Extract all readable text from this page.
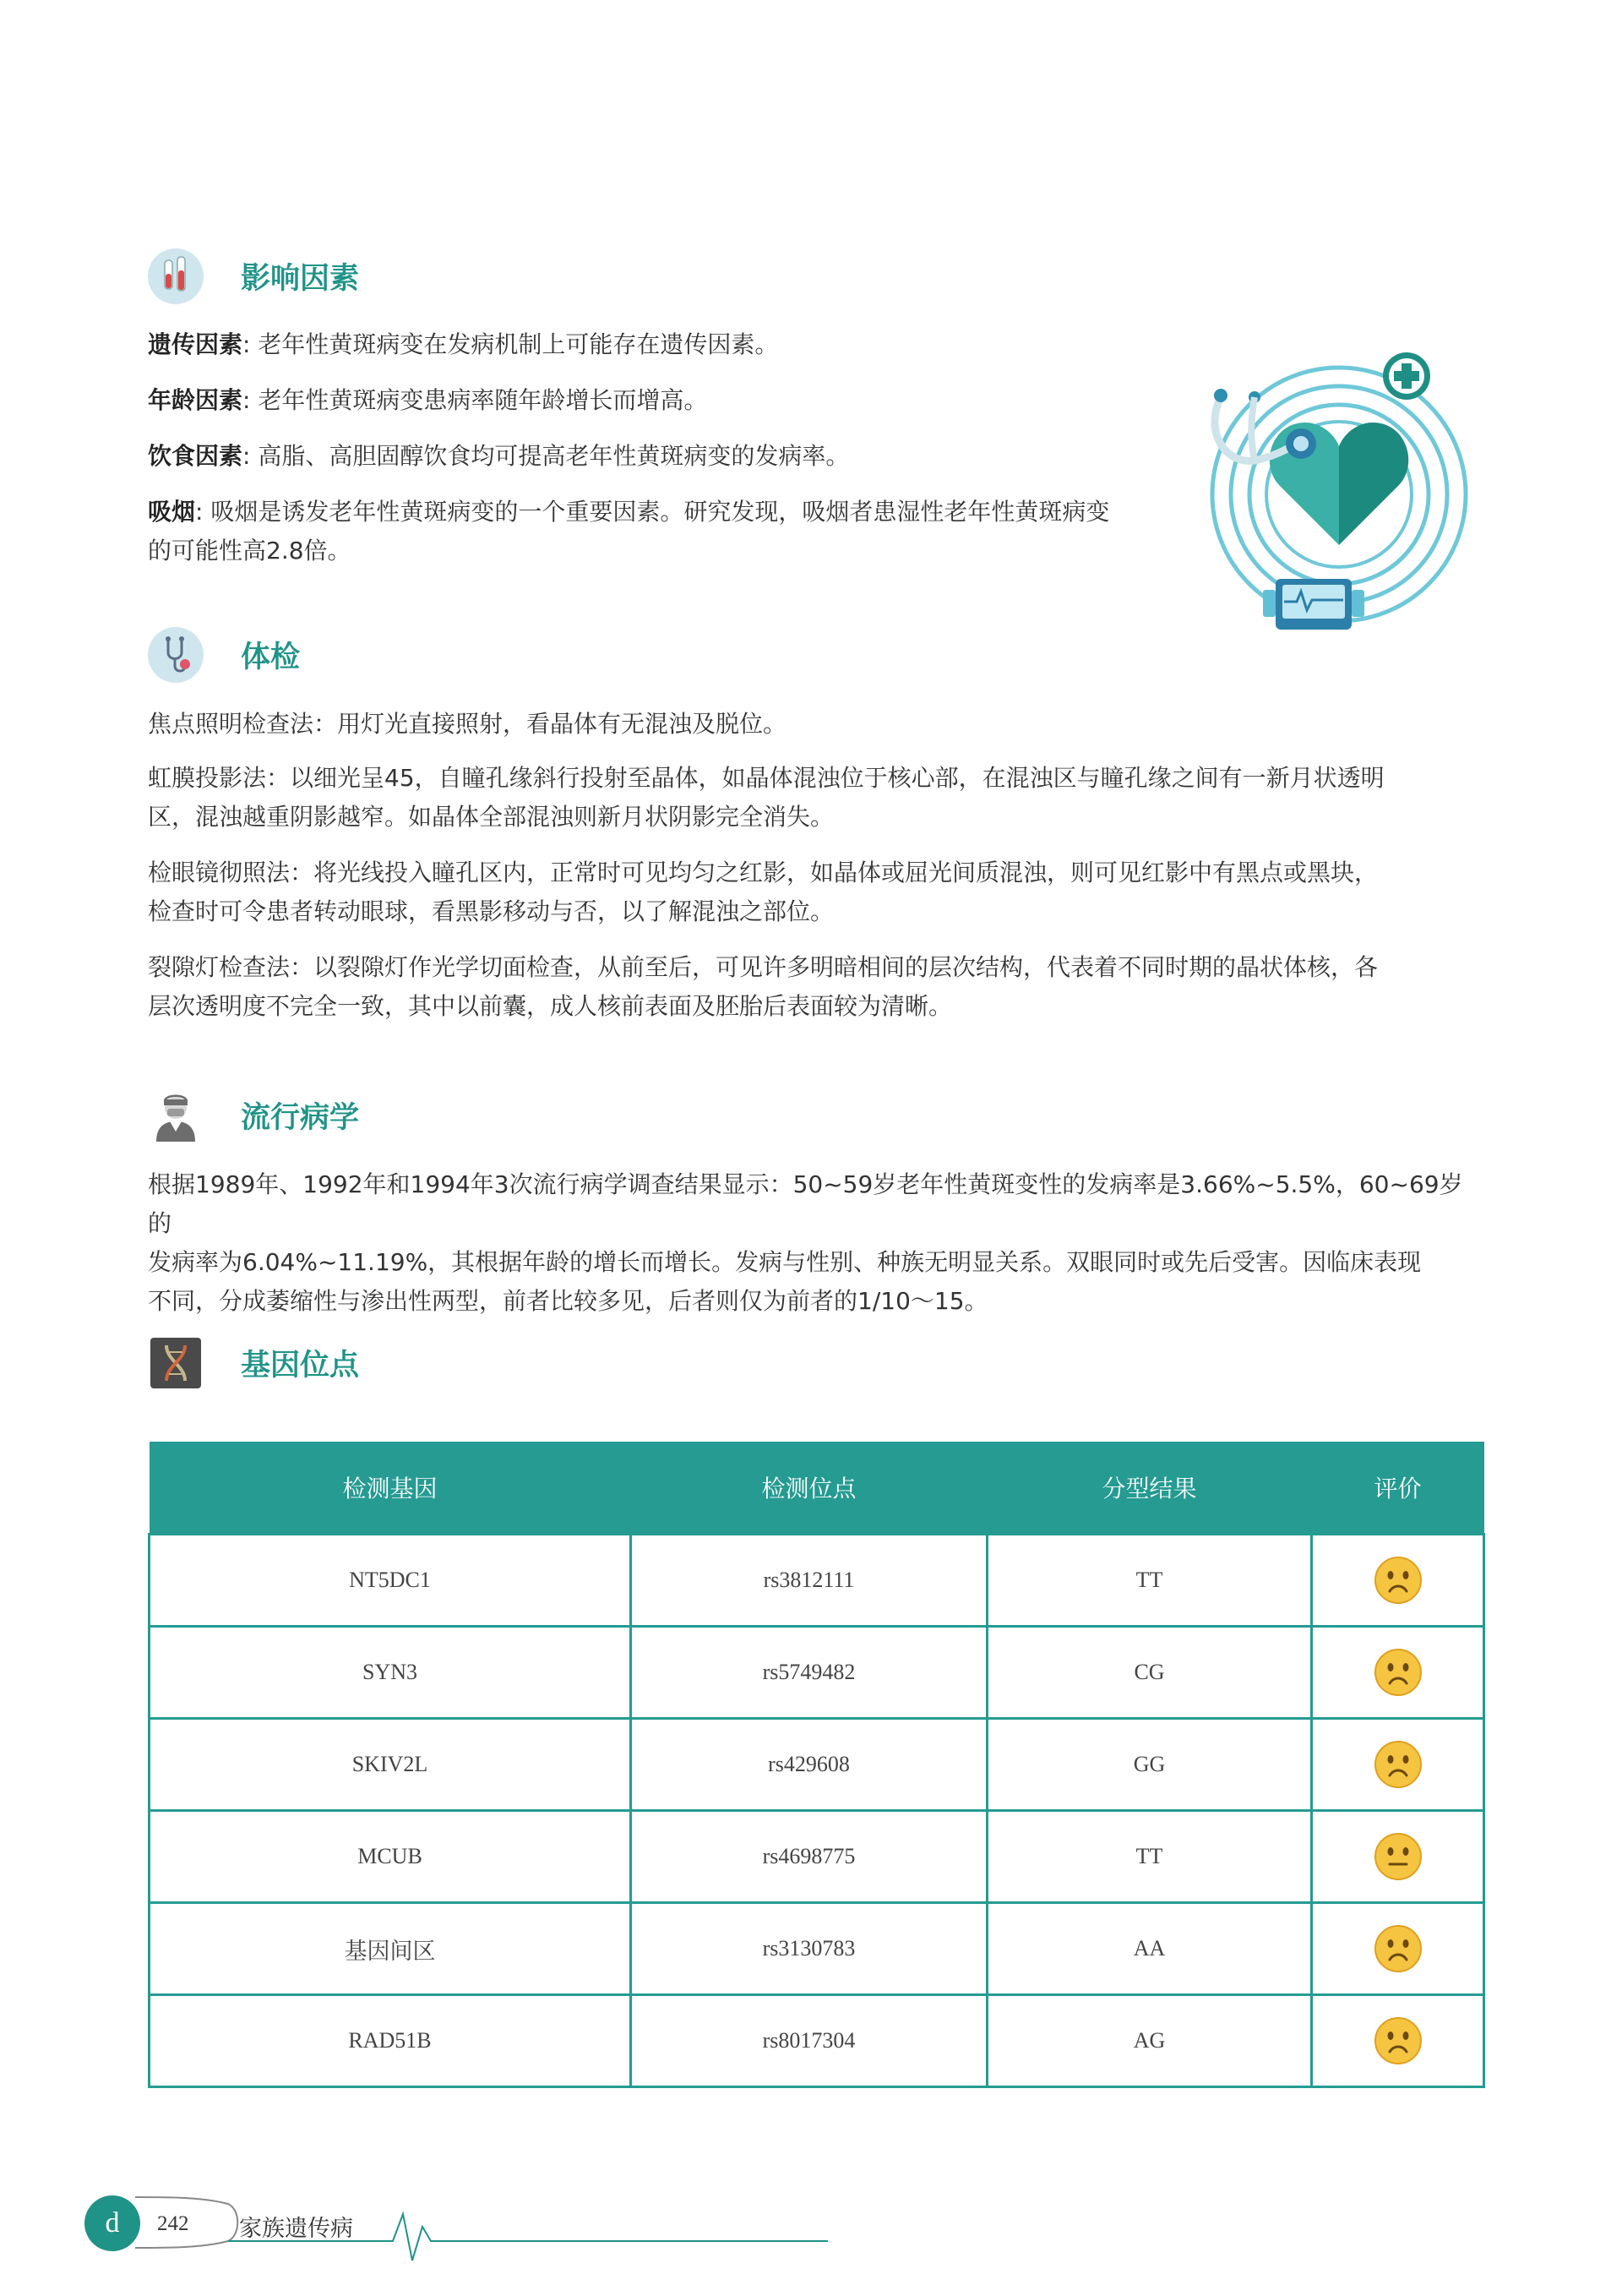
影响因素

遗传因素: 老年性黄斑病变在发病机制上可能存在遗传因素。

年龄因素: 老年性黄斑病变患病率随年龄增长而增高。

饮食因素: 高脂、高胆固醇饮食均可提高老年性黄斑病变的发病率。

吸烟: 吸烟是诱发老年性黄斑病变的一个重要因素。研究发现，吸烟者患湿性老年性黄斑病变
的可能性高2.8倍。

体检

焦点照明检查法：用灯光直接照射，看晶体有无混浊及脱位。

虹膜投影法：以细光呈45，自瞳孔缘斜行投射至晶体，如晶体混浊位于核心部，在混浊区与瞳孔缘之间有一新月状透明
区，混浊越重阴影越窄。如晶体全部混浊则新月状阴影完全消失。

检眼镜彻照法：将光线投入瞳孔区内，正常时可见均匀之红影，如晶体或屈光间质混浊，则可见红影中有黑点或黑块，
检查时可令患者转动眼球，看黑影移动与否，以了解混浊之部位。

裂隙灯检查法：以裂隙灯作光学切面检查，从前至后，可见许多明暗相间的层次结构，代表着不同时期的晶状体核，各
层次透明度不完全一致，其中以前囊，成人核前表面及胚胎后表面较为清晰。

流行病学

根据1989年、1992年和1994年3次流行病学调查结果显示：50~59岁老年性黄斑变性的发病率是3.66%~5.5%，60~69岁的
发病率为6.04%~11.19%，其根据年龄的增长而增长。发病与性别、种族无明显关系。双眼同时或先后受害。因临床表现
不同，分成萎缩性与渗出性两型，前者比较多见，后者则仅为前者的1/10～15。

基因位点
检测基因	检测位点	分型结果	评价
NT5DC1	rs3812111	TT	
SYN3	rs5749482	CG	
SKIV2L	rs429608	GG	
MCUB	rs4698775	TT	
基因间区	rs3130783	AA	
RAD51B	rs8017304	AG	
d	242 家族遗传病
